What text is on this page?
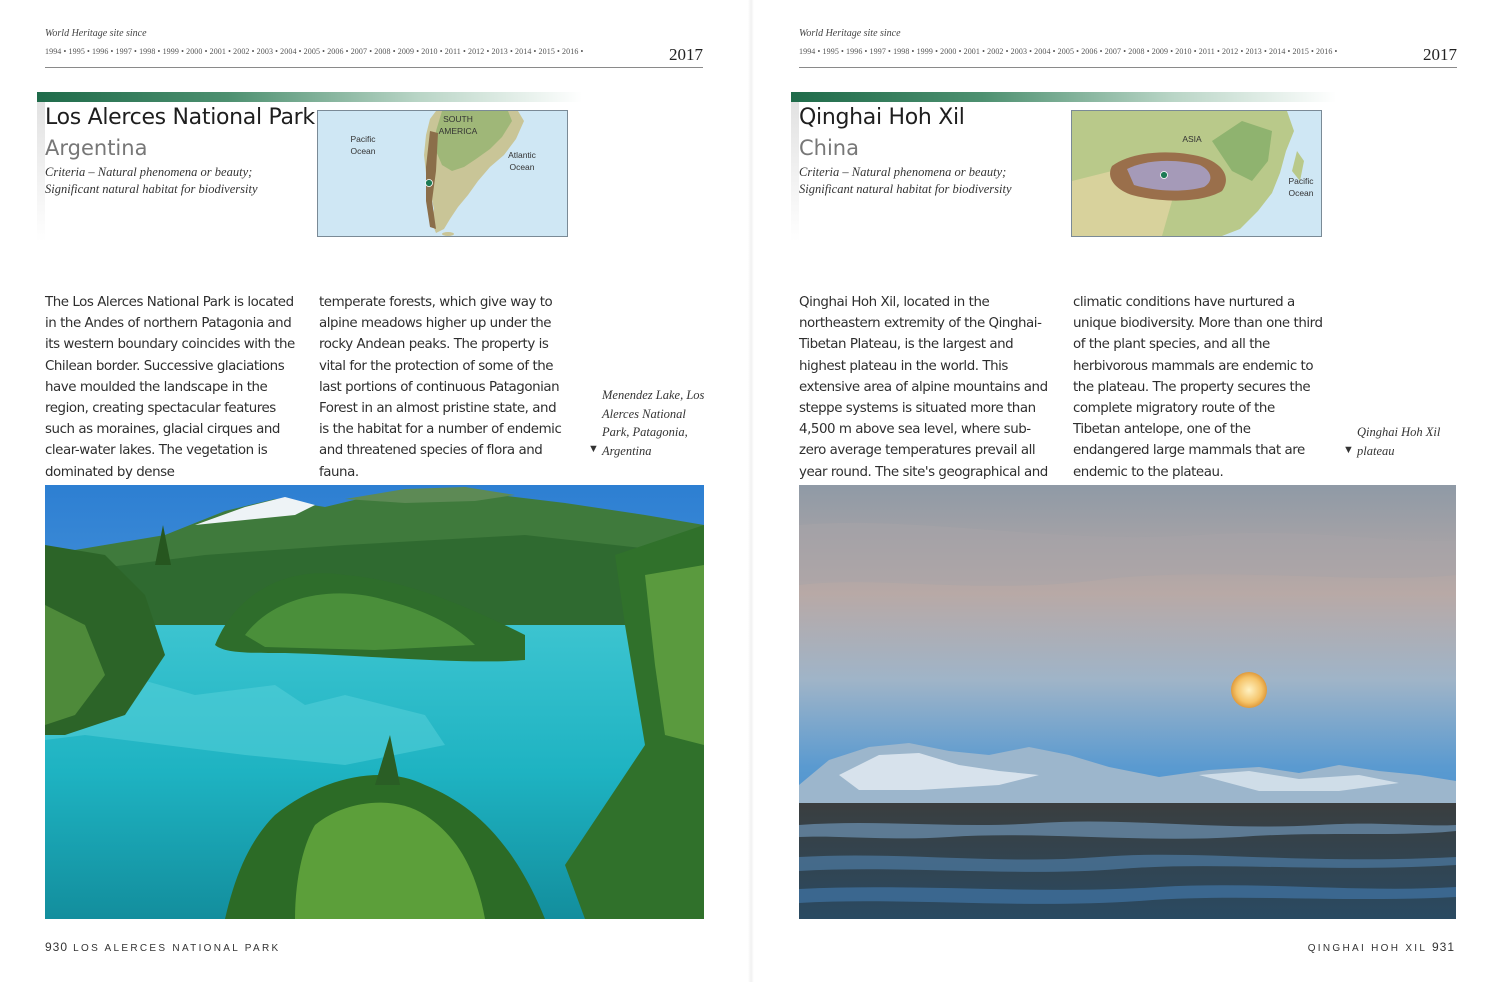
World Heritage site since
1994 • 1995 • 1996 • 1997 • 1998 • 1999 • 2000 • 2001 • 2002 • 2003 • 2004 • 2005 • 2006 • 2007 • 2008 • 2009 • 2010 • 2011 • 2012 • 2013 • 2014 • 2015 • 2016 •	2017
Los Alerces National Park
Argentina
Criteria – Natural phenomena or beauty;
Significant natural habitat for biodiversity
SOUTH AMERICA
Pacific Ocean	Atlantic Ocean
The Los Alerces National Park is located in the Andes of northern Patagonia and its western boundary coincides with the Chilean border. Successive glaciations have moulded the landscape in the region, creating spectacular features such as moraines, glacial cirques and clear-water lakes. The vegetation is dominated by dense
temperate forests, which give way to alpine meadows higher up under the rocky Andean peaks. The property is vital for the protection of some of the last portions of continuous Patagonian Forest in an almost pristine state, and is the habitat for a number of endemic and threatened species of flora and fauna.
▼
Menendez Lake, Los Alerces National Park, Patagonia, Argentina
930 LOS ALERCES NATIONAL PARK
World Heritage site since
1994 • 1995 • 1996 • 1997 • 1998 • 1999 • 2000 • 2001 • 2002 • 2003 • 2004 • 2005 • 2006 • 2007 • 2008 • 2009 • 2010 • 2011 • 2012 • 2013 • 2014 • 2015 • 2016 •	2017
Qinghai Hoh Xil
China
Criteria – Natural phenomena or beauty;
Significant natural habitat for biodiversity
ASIA
Pacific Ocean
Qinghai Hoh Xil, located in the northeastern extremity of the Qinghai-Tibetan Plateau, is the largest and highest plateau in the world. This extensive area of alpine mountains and steppe systems is situated more than 4,500 m above sea level, where sub-zero average temperatures prevail all year round. The site's geographical and
climatic conditions have nurtured a unique biodiversity. More than one third of the plant species, and all the herbivorous mammals are endemic to the plateau. The property secures the complete migratory route of the Tibetan antelope, one of the endangered large mammals that are endemic to the plateau.
▼
Qinghai Hoh Xil plateau
QINGHAI HOH XIL 931
